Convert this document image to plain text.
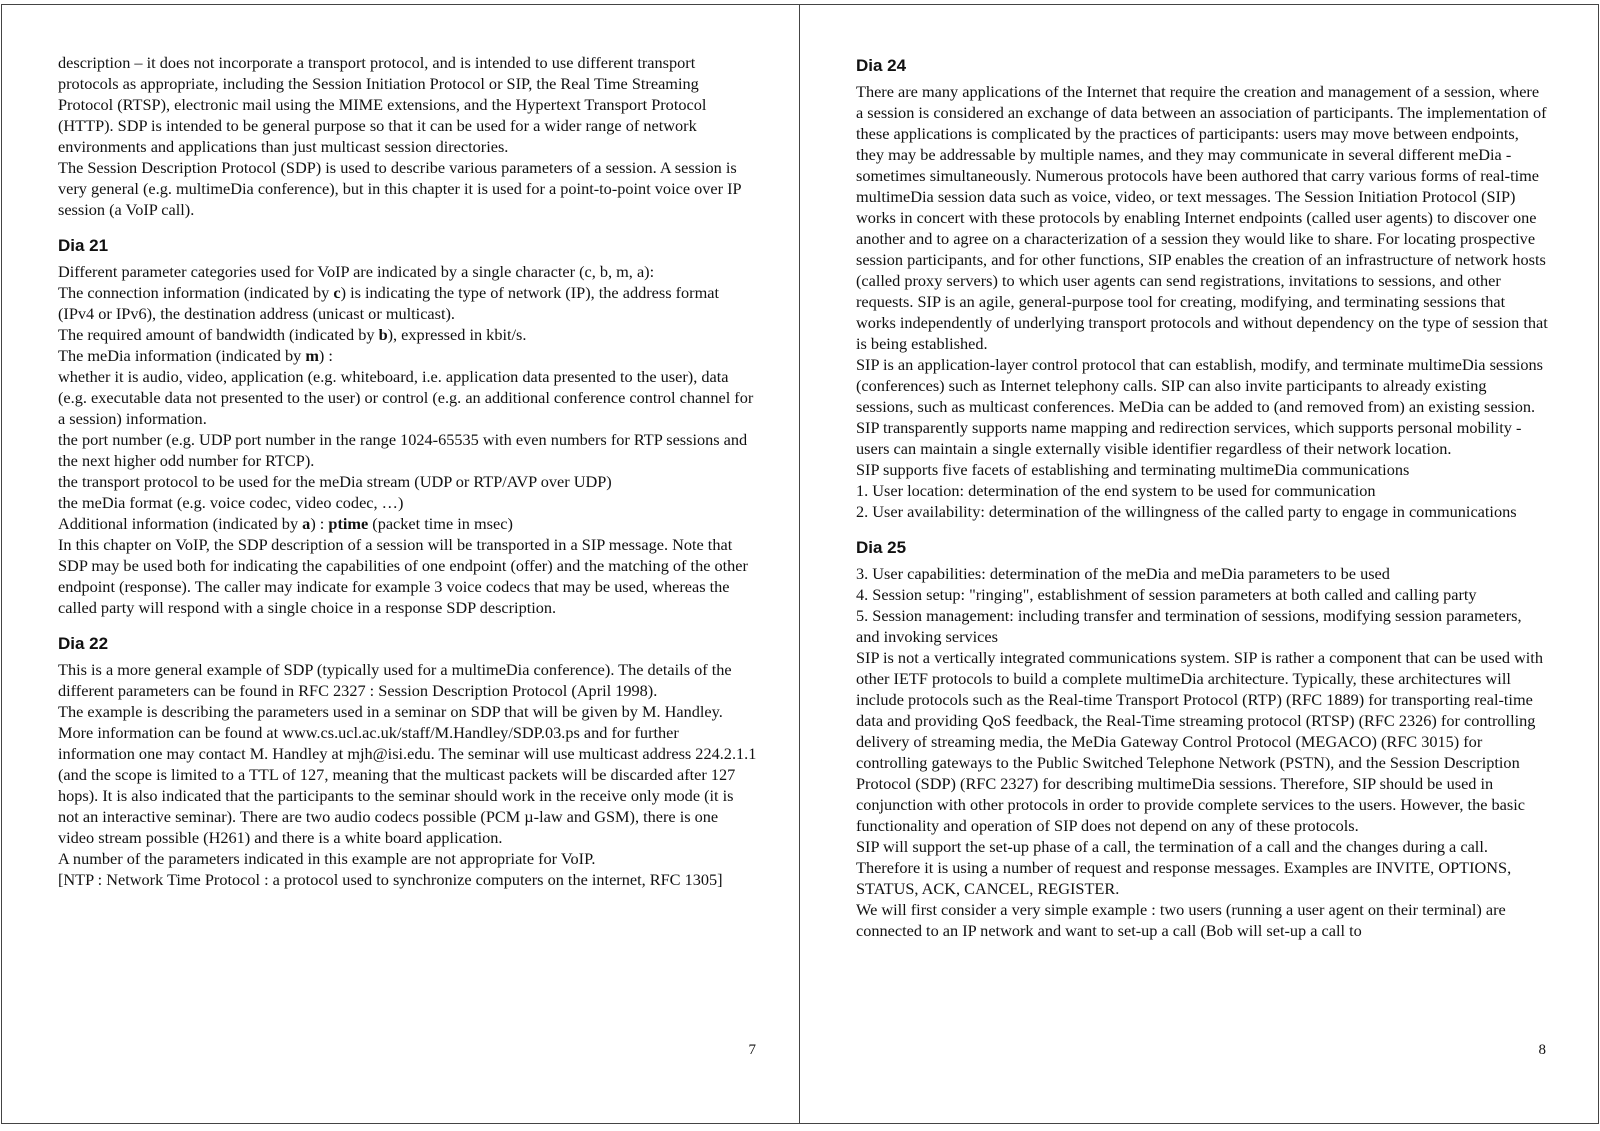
description – it does not incorporate a transport protocol, and is intended to use different transport protocols as appropriate, including the Session Initiation Protocol or SIP, the Real Time Streaming Protocol (RTSP), electronic mail using the MIME extensions, and the Hypertext Transport Protocol (HTTP). SDP is intended to be general purpose so that it can be used for a wider range of network environments and applications than just multicast session directories.

The Session Description Protocol (SDP) is used to describe various parameters of a session. A session is very general (e.g. multimeDia conference), but in this chapter it is used for a point-to-point voice over IP session (a VoIP call).

Dia 21

Different parameter categories used for VoIP are indicated by a single character (c, b, m, a):

The connection information (indicated by c) is indicating the type of network (IP), the address format (IPv4 or IPv6), the destination address (unicast or multicast).

The required amount of bandwidth (indicated by b), expressed in kbit/s.

The meDia information (indicated by m) :

whether it is audio, video, application (e.g. whiteboard, i.e. application data presented to the user), data (e.g. executable data not presented to the user) or control (e.g. an additional conference control channel for a session) information.

the port number (e.g. UDP port number in the range 1024-65535 with even numbers for RTP sessions and the next higher odd number for RTCP).

the transport protocol to be used for the meDia stream (UDP or RTP/AVP over UDP)

the meDia format (e.g. voice codec, video codec, …)

Additional information (indicated by a) : ptime (packet time in msec)

In this chapter on VoIP, the SDP description of a session will be transported in a SIP message. Note that SDP may be used both for indicating the capabilities of one endpoint (offer) and the matching of the other endpoint (response). The caller may indicate for example 3 voice codecs that may be used, whereas the called party will respond with a single choice in a response SDP description.

Dia 22

This is a more general example of SDP (typically used for a multimeDia conference). The details of the different parameters can be found in RFC 2327 : Session Description Protocol (April 1998).

The example is describing the parameters used in a seminar on SDP that will be given by M. Handley. More information can be found at www.cs.ucl.ac.uk/staff/M.Handley/SDP.03.ps and for further information one may contact M. Handley at mjh@isi.edu. The seminar will use multicast address 224.2.1.1 (and the scope is limited to a TTL of 127, meaning that the multicast packets will be discarded after 127 hops). It is also indicated that the participants to the seminar should work in the receive only mode (it is not an interactive seminar). There are two audio codecs possible (PCM µ-law and GSM), there is one video stream possible (H261) and there is a white board application.

A number of the parameters indicated in this example are not appropriate for VoIP.

[NTP : Network Time Protocol : a protocol used to synchronize computers on the internet, RFC 1305]

7
Dia 24

There are many applications of the Internet that require the creation and management of a session, where a session is considered an exchange of data between an association of participants. The implementation of these applications is complicated by the practices of participants: users may move between endpoints, they may be addressable by multiple names, and they may communicate in several different meDia - sometimes simultaneously. Numerous protocols have been authored that carry various forms of real-time multimeDia session data such as voice, video, or text messages. The Session Initiation Protocol (SIP) works in concert with these protocols by enabling Internet endpoints (called user agents) to discover one another and to agree on a characterization of a session they would like to share. For locating prospective session participants, and for other functions, SIP enables the creation of an infrastructure of network hosts (called proxy servers) to which user agents can send registrations, invitations to sessions, and other requests. SIP is an agile, general-purpose tool for creating, modifying, and terminating sessions that works independently of underlying transport protocols and without dependency on the type of session that is being established.

SIP is an application-layer control protocol that can establish, modify, and terminate multimeDia sessions (conferences) such as Internet telephony calls. SIP can also invite participants to already existing sessions, such as multicast conferences. MeDia can be added to (and removed from) an existing session. SIP transparently supports name mapping and redirection services, which supports personal mobility - users can maintain a single externally visible identifier regardless of their network location.

SIP supports five facets of establishing and terminating multimeDia communications

1. User location: determination of the end system to be used for communication

2. User availability: determination of the willingness of the called party to engage in communications

Dia 25

3. User capabilities: determination of the meDia and meDia parameters to be used

4. Session setup: "ringing", establishment of session parameters at both called and calling party

5. Session management: including transfer and termination of sessions, modifying session parameters, and invoking services

SIP is not a vertically integrated communications system. SIP is rather a component that can be used with other IETF protocols to build a complete multimeDia architecture. Typically, these architectures will include protocols such as the Real-time Transport Protocol (RTP) (RFC 1889) for transporting real-time data and providing QoS feedback, the Real-Time streaming protocol (RTSP) (RFC 2326) for controlling delivery of streaming media, the MeDia Gateway Control Protocol (MEGACO) (RFC 3015) for controlling gateways to the Public Switched Telephone Network (PSTN), and the Session Description Protocol (SDP) (RFC 2327) for describing multimeDia sessions. Therefore, SIP should be used in conjunction with other protocols in order to provide complete services to the users. However, the basic functionality and operation of SIP does not depend on any of these protocols.

SIP will support the set-up phase of a call, the termination of a call and the changes during a call. Therefore it is using a number of request and response messages. Examples are INVITE, OPTIONS, STATUS, ACK, CANCEL, REGISTER.

We will first consider a very simple example : two users (running a user agent on their terminal) are connected to an IP network and want to set-up a call (Bob will set-up a call to

8
